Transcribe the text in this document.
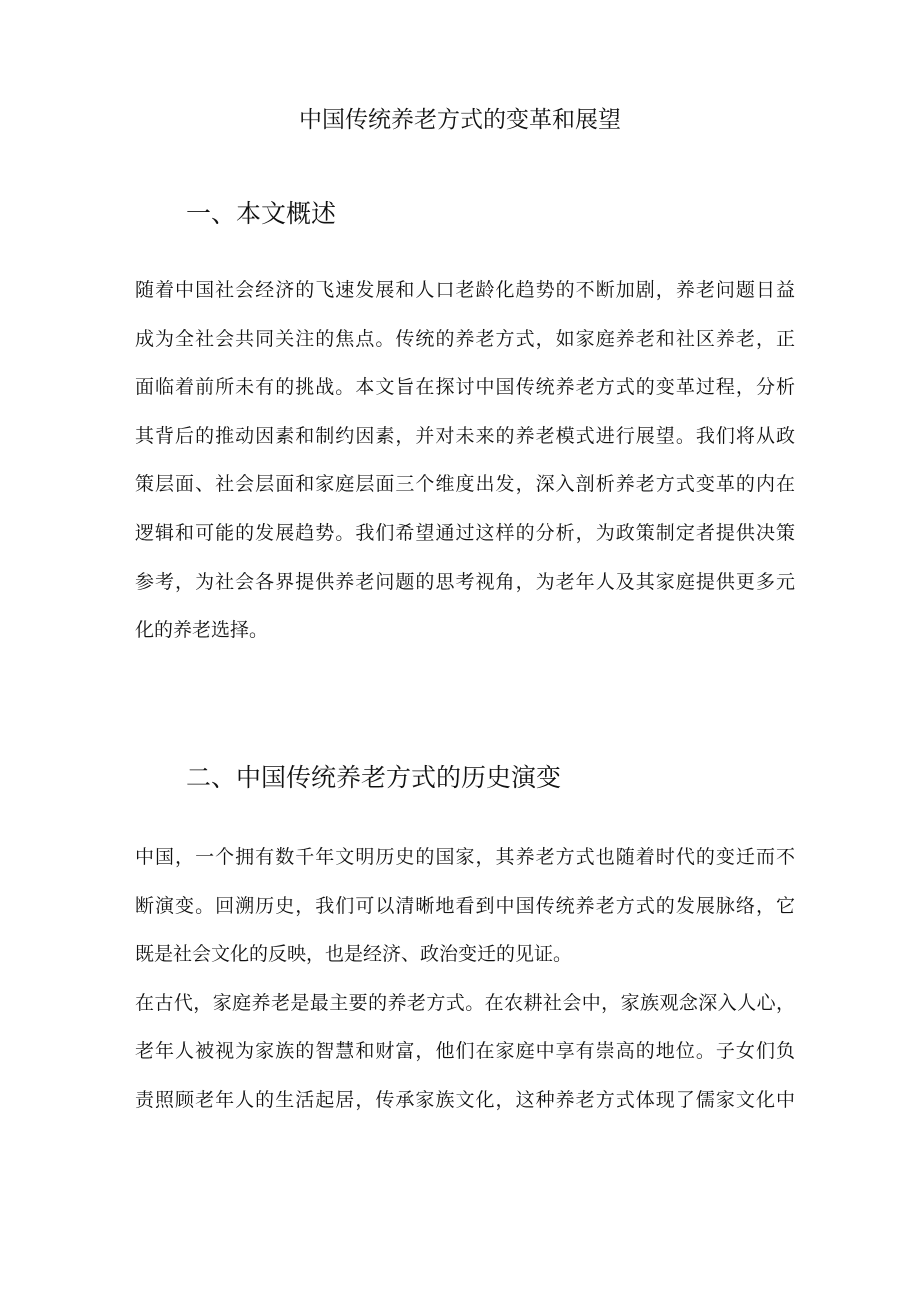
中国传统养老方式的变革和展望
一、本文概述
随着中国社会经济的飞速发展和人口老龄化趋势的不断加剧，养老问题日益
成为全社会共同关注的焦点。传统的养老方式，如家庭养老和社区养老，正
面临着前所未有的挑战。本文旨在探讨中国传统养老方式的变革过程，分析
其背后的推动因素和制约因素，并对未来的养老模式进行展望。我们将从政
策层面、社会层面和家庭层面三个维度出发，深入剖析养老方式变革的内在
逻辑和可能的发展趋势。我们希望通过这样的分析，为政策制定者提供决策
参考，为社会各界提供养老问题的思考视角，为老年人及其家庭提供更多元
化的养老选择。
二、中国传统养老方式的历史演变
中国，一个拥有数千年文明历史的国家，其养老方式也随着时代的变迁而不
断演变。回溯历史，我们可以清晰地看到中国传统养老方式的发展脉络，它
既是社会文化的反映，也是经济、政治变迁的见证。
在古代，家庭养老是最主要的养老方式。在农耕社会中，家族观念深入人心，
老年人被视为家族的智慧和财富，他们在家庭中享有崇高的地位。子女们负
责照顾老年人的生活起居，传承家族文化，这种养老方式体现了儒家文化中
